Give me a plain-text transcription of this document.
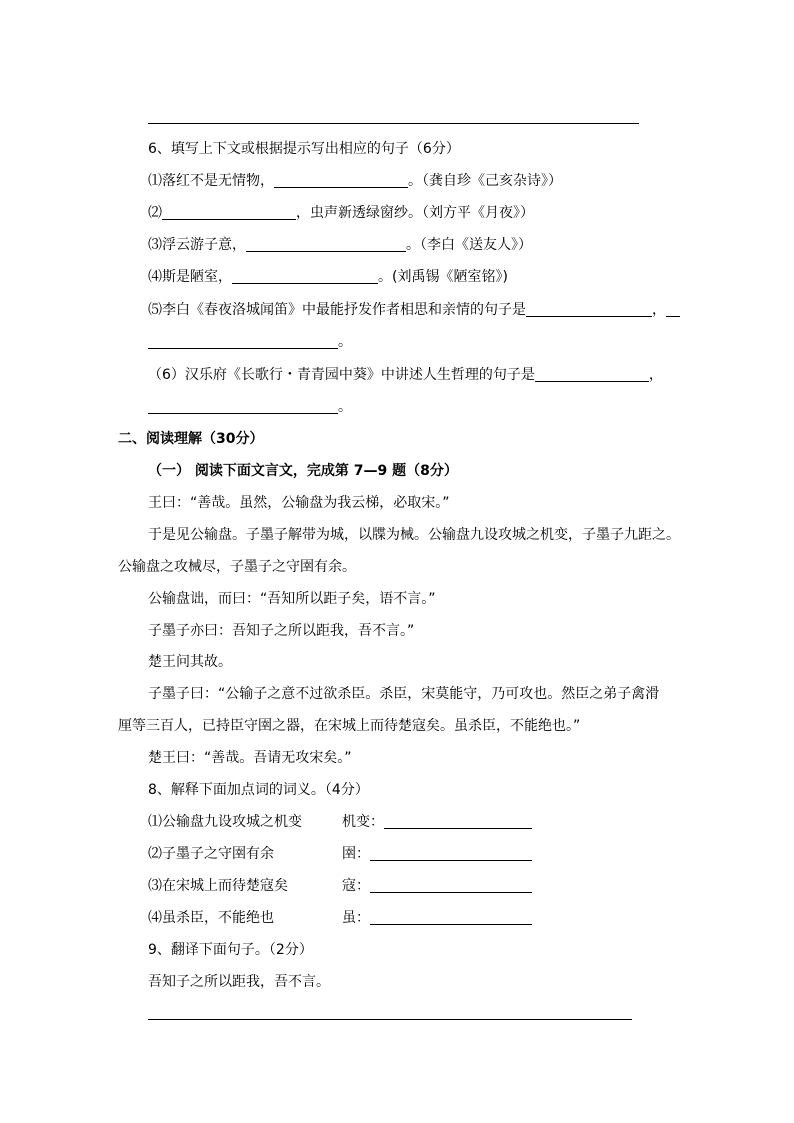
6、填写上下文或根据提示写出相应的句子（6分）
⑴落红不是无情物，	。（龚自珍《己亥杂诗》）
⑵	，虫声新透绿窗纱。（刘方平《月夜》）
⑶浮云游子意，	。（李白《送友人》）
⑷斯是陋室，	。(刘禹锡《陋室铭》)
⑸李白《春夜洛城闻笛》中最能抒发作者相思和亲情的句子是	，
。
（6）汉乐府《长歌行・青青园中葵》中讲述人生哲理的句子是	，
。
二、阅读理解（30分）
（一） 阅读下面文言文，完成第 7—9 题（8分）
王曰：“善哉。虽然，公输盘为我云梯，必取宋。”
于是见公输盘。子墨子解带为城，以牒为械。公输盘九设攻城之机变，子墨子九距之。
公输盘之攻械尽，子墨子之守圉有余。
公输盘诎，而曰：“吾知所以距子矣，语不言。”
子墨子亦曰：吾知子之所以距我，吾不言。”
楚王问其故。
子墨子曰：“公输子之意不过欲杀臣。杀臣，宋莫能守，乃可攻也。然臣之弟子禽滑
厘等三百人，已持臣守圉之器，在宋城上而待楚寇矣。虽杀臣，不能绝也。”
楚王曰：“善哉。吾请无攻宋矣。”
8、解释下面加点词的词义。（4分）
⑴公输盘九设攻城之机变	机变：
⑵子墨子之守圉有余	圉：
⑶在宋城上而待楚寇矣	寇：
⑷虽杀臣，不能绝也	虽：
9、翻译下面句子。（2分）
吾知子之所以距我，吾不言。
